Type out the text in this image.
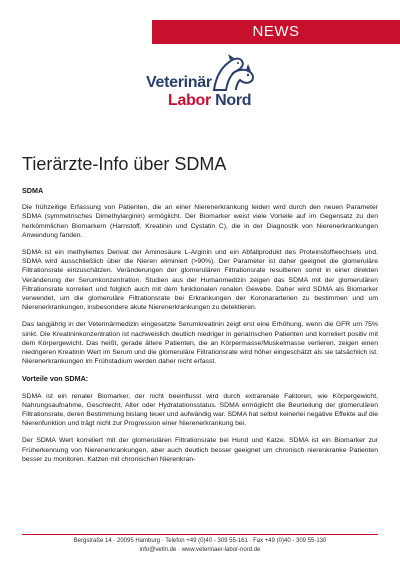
NEWS
Veterinär
Labor Nord
Tierärzte-Info über SDMA
SDMA

Die frühzeitige Erfassung von Patienten, die an einer Nierenerkrankung leiden wird durch den neuen Parameter SDMA (symmetrisches Dimethylarginin) ermöglicht. Der Biomarker weist viele Vorteile auf im Gegensatz zu den herkömmlichen Biomarkern (Harnstoff, Kreatinin und Cystatin C), die in der Diagnostik von Nierenerkrankungen Anwendung fanden.

SDMA ist ein methyliertes Derivat der Aminosäure L-Arginin und ein Abfallprodukt des Proteinstoffwechsels und. SDMA wird ausschließlich über die Nieren eliminiert (>90%). Der Parameter ist daher geeignet die glomeruläre Filtrationsrate einzuschätzen. Veränderungen der glomerulären Filtrationsrate resultieren somit in einer direkten Veränderung der Serumkonzentration. Studien aus der Humanmedizin zeigen das SDMA mit der glomerulären Filtrationsrate korreliert und folglich auch mit dem funktionalen renalen Gewebe. Daher wird SDMA als Biomarker verwendet, um die glomeruläre Filtrationsrate bei Erkrankungen der Koronararterien zu bestimmen und um Nierenerkrankungen, insbesondere akute Nierenerkrankungen zu detektieren.

Das langjährig in der Veterinärmedizin eingesetzte Serumkreatinin zeigt erst eine Erhöhung, wenn die GFR um 75% sinkt. Die Kreatininkonzentration ist nachweislich deutlich niedriger in geriatrischen Patienten und korreliert positiv mit dem Körpergewicht. Das heißt, gerade ältere Patienten, die an Körpermasse/Muskelmasse verlieren, zeigen einen niedrigeren Kreatinin Wert im Serum und die glomeruläre Filtrationsrate wird höher eingeschätzt als sie tatsächlich ist. Nierenerkrankungen im Frühstadium werden daher nicht erfasst.

Vorteile von SDMA:

SDMA ist ein renaler Biomarker, der nicht beeinflusst wird durch extrarenale Faktoren, wie Körpergewicht, Nahrungsaufnahme, Geschlecht, Alter oder Hydratationsstatus. SDMA ermöglicht die Beurteilung der glomerulären Filtrationsrate, deren Bestimmung bislang teuer und aufwändig war. SDMA hat selbst keinerlei negative Effekte auf die Nierenfunktion und trägt nicht zur Progression einer Nierenerkrankung bei.

Der SDMA Wert korreliert mit der glomerulären Filtrationsrate bei Hund und Katze. SDMA ist ein Biomarker zur Früherkennung von Nierenerkrankungen, aber auch deutlich besser geeignet um chronisch nierenkranke Patienten besser zu monitoren. Katzen mit chronischen Nierenkran-

Bergstraße 14 · 20095 Hamburg · Telefon +49 (0)40 - 309 55-161 · Fax +49 (0)40 - 309 55-130
info@vetln.de · www.veterinaer-labor-nord.de
